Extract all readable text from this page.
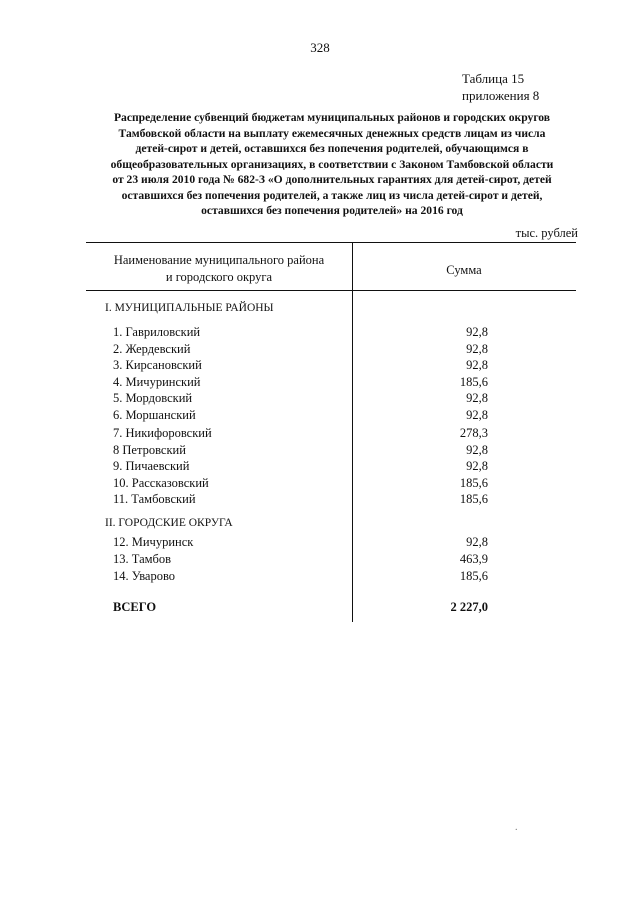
328
Таблица 15
приложения 8
Распределение субвенций бюджетам муниципальных районов и городских округов
Тамбовской области на выплату ежемесячных денежных средств лицам из числа
детей-сирот и детей, оставшихся без попечения родителей, обучающимся в
общеобразовательных организациях, в соответствии с Законом Тамбовской области
от 23 июля 2010 года № 682-З «О дополнительных гарантиях для детей-сирот, детей
оставшихся без попечения родителей, а также лиц из числа детей-сирот и детей,
оставшихся без попечения родителей» на 2016 год
тыс. рублей
Наименование муниципального района
и городского округа	Сумма
I. МУНИЦИПАЛЬНЫЕ РАЙОНЫ
1. Гавриловский	92,8
2. Жердевский	92,8
3. Кирсановский	92,8
4. Мичуринский	185,6
5. Мордовский	92,8
6. Моршанский	92,8
7. Никифоровский	278,3
8 Петровский	92,8
9. Пичаевский	92,8
10. Рассказовский	185,6
11. Тамбовский	185,6
II. ГОРОДСКИЕ ОКРУГА
12. Мичуринск	92,8
13. Тамбов	463,9
14. Уварово	185,6
ВСЕГО	2 227,0
.
